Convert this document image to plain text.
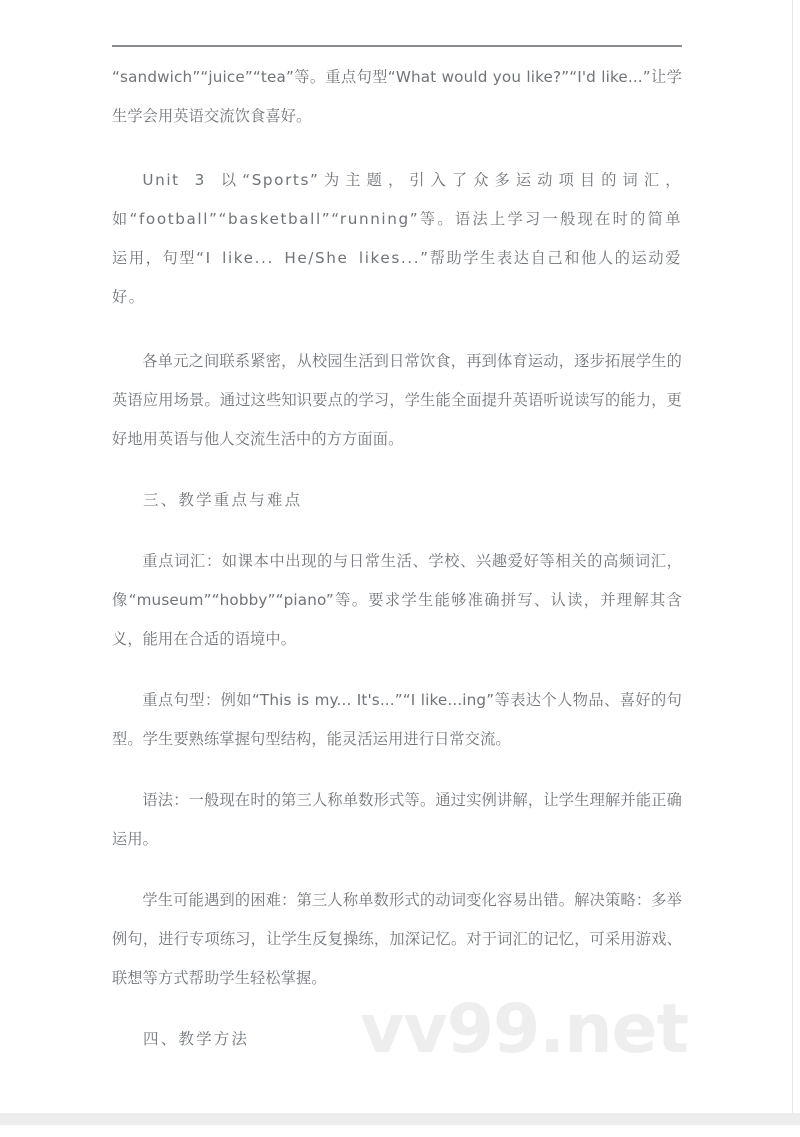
“sandwich”“juice”“tea”等。重点句型“What would you like?”“I'd like...”让学生学会用英语交流饮食喜好。

Unit 3 以“Sports”为主题，引入了众多运动项目的词汇，如“football”“basketball”“running”等。语法上学习一般现在时的简单运用，句型“I like... He/She likes...”帮助学生表达自己和他人的运动爱好。

各单元之间联系紧密，从校园生活到日常饮食，再到体育运动，逐步拓展学生的英语应用场景。通过这些知识要点的学习，学生能全面提升英语听说读写的能力，更好地用英语与他人交流生活中的方方面面。

三、教学重点与难点

重点词汇：如课本中出现的与日常生活、学校、兴趣爱好等相关的高频词汇，像“museum”“hobby”“piano”等。要求学生能够准确拼写、认读，并理解其含义，能用在合适的语境中。

重点句型：例如“This is my... It's...”“I like...ing”等表达个人物品、喜好的句型。学生要熟练掌握句型结构，能灵活运用进行日常交流。

语法：一般现在时的第三人称单数形式等。通过实例讲解，让学生理解并能正确运用。

学生可能遇到的困难：第三人称单数形式的动词变化容易出错。解决策略：多举例句，进行专项练习，让学生反复操练，加深记忆。对于词汇的记忆，可采用游戏、联想等方式帮助学生轻松掌握。

四、教学方法	vv99.net
